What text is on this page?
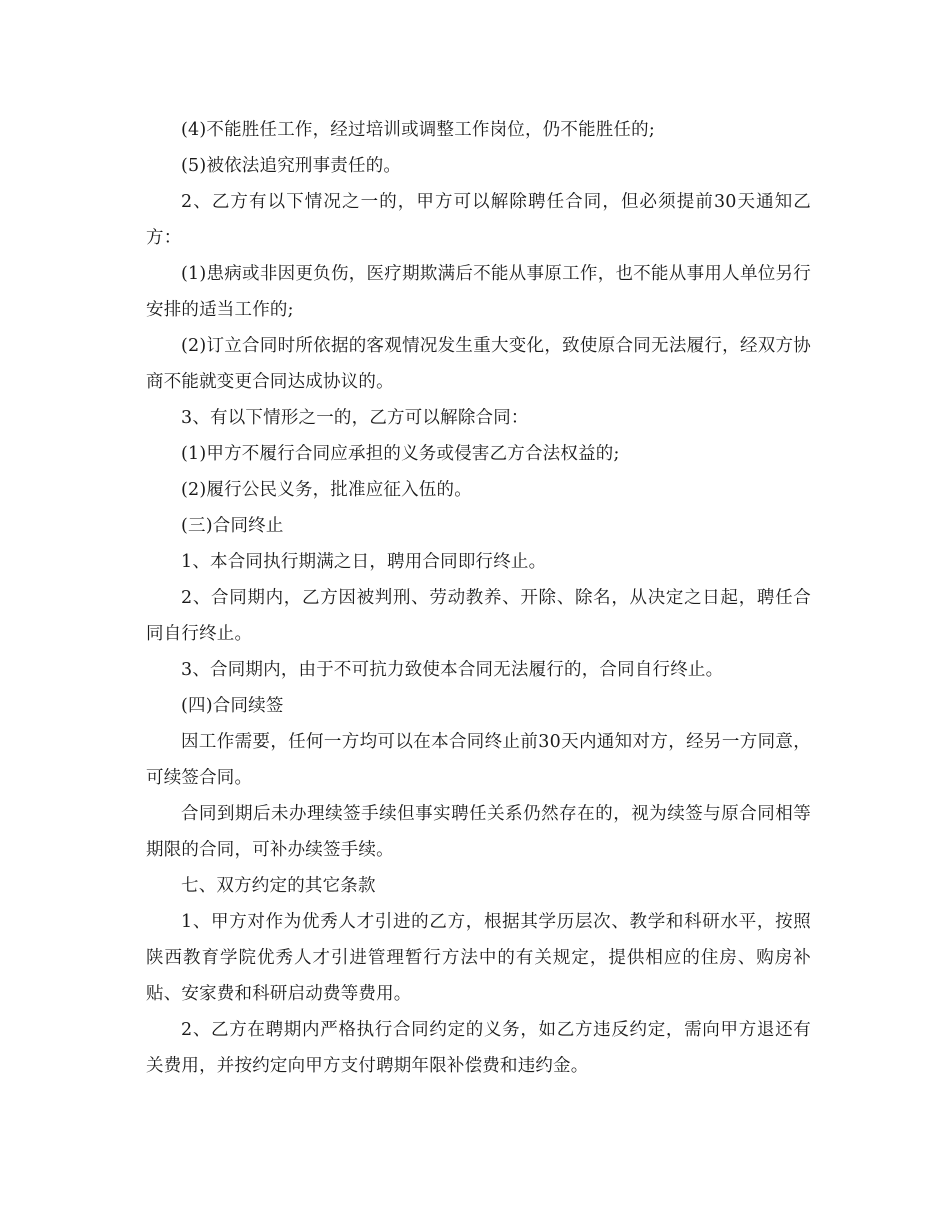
(4)不能胜任工作，经过培训或调整工作岗位，仍不能胜任的;

(5)被依法追究刑事责任的。

2、乙方有以下情况之一的，甲方可以解除聘任合同，但必须提前30天通知乙方：

(1)患病或非因更负伤，医疗期欺满后不能从事原工作，也不能从事用人单位另行安排的适当工作的;

(2)订立合同时所依据的客观情况发生重大变化，致使原合同无法履行，经双方协商不能就变更合同达成协议的。

3、有以下情形之一的，乙方可以解除合同：

(1)甲方不履行合同应承担的义务或侵害乙方合法权益的;

(2)履行公民义务，批准应征入伍的。

(三)合同终止

1、本合同执行期满之日，聘用合同即行终止。

2、合同期内，乙方因被判刑、劳动教养、开除、除名，从决定之日起，聘任合同自行终止。

3、合同期内，由于不可抗力致使本合同无法履行的，合同自行终止。

(四)合同续签

因工作需要，任何一方均可以在本合同终止前30天内通知对方，经另一方同意，可续签合同。

合同到期后未办理续签手续但事实聘任关系仍然存在的，视为续签与原合同相等期限的合同，可补办续签手续。

七、双方约定的其它条款

1、甲方对作为优秀人才引进的乙方，根据其学历层次、教学和科研水平，按照陕西教育学院优秀人才引进管理暂行方法中的有关规定，提供相应的住房、购房补贴、安家费和科研启动费等费用。

2、乙方在聘期内严格执行合同约定的义务，如乙方违反约定，需向甲方退还有关费用，并按约定向甲方支付聘期年限补偿费和违约金。
